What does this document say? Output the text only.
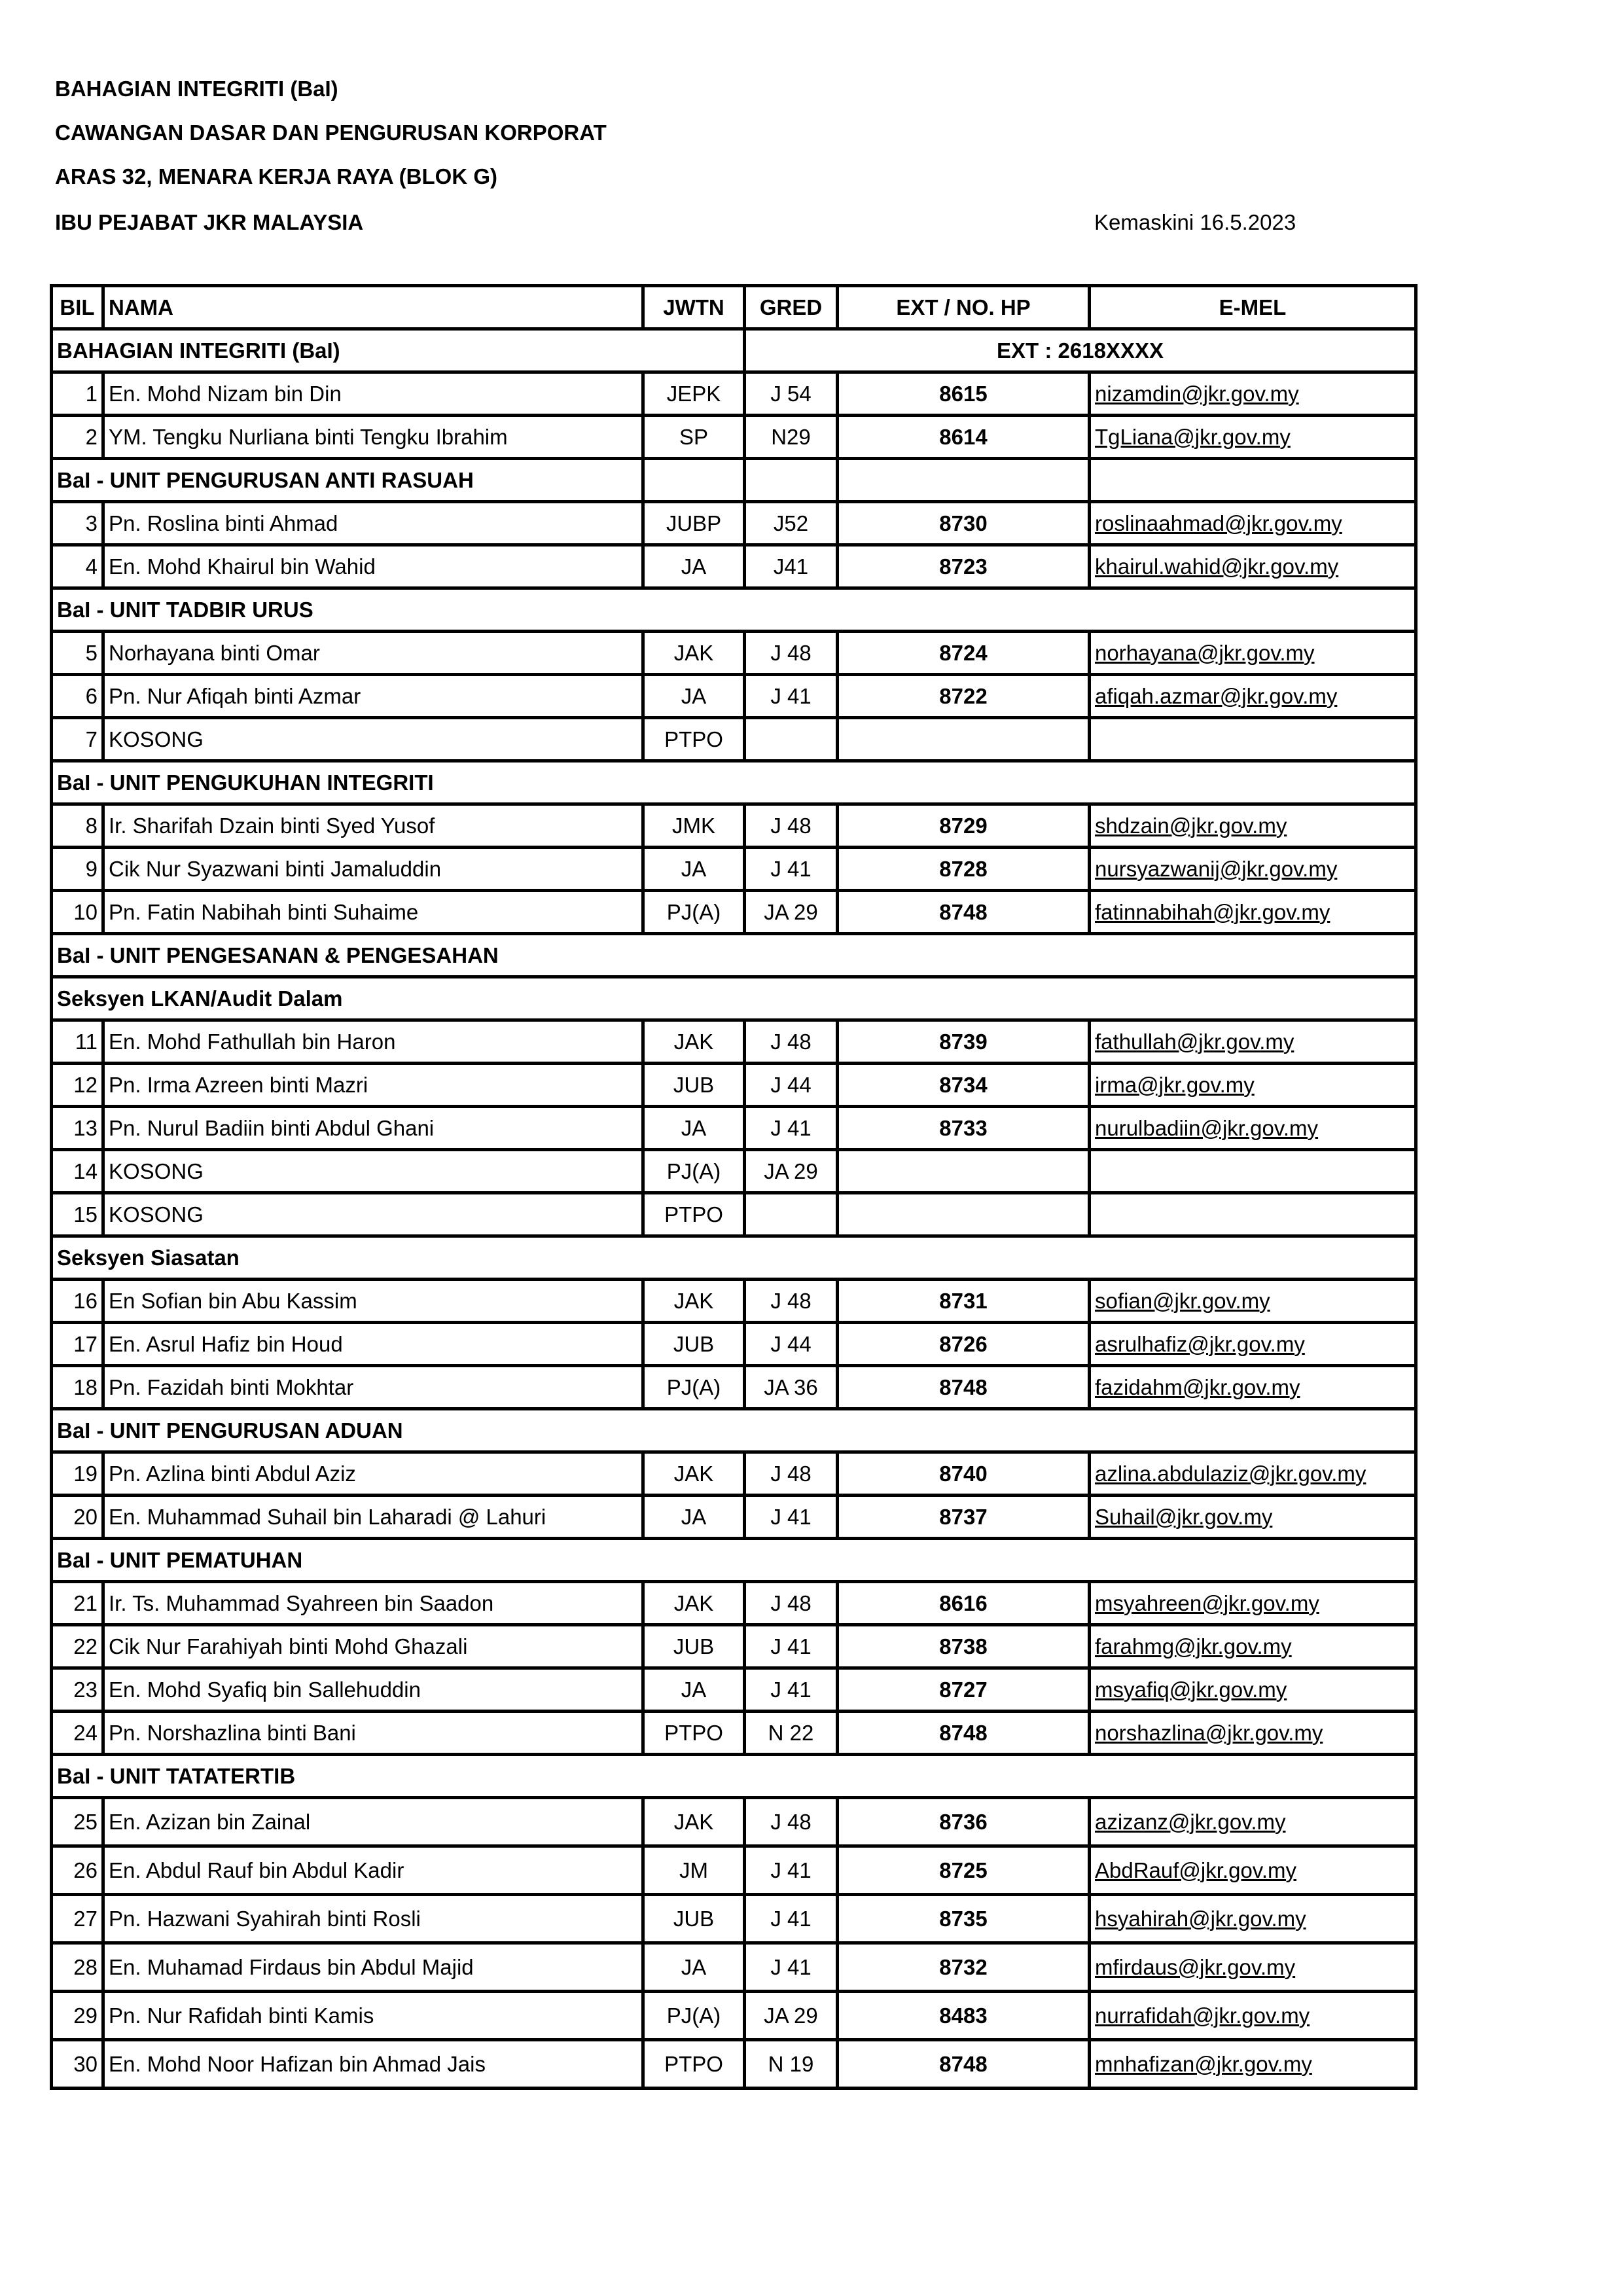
BAHAGIAN INTEGRITI (BaI)
CAWANGAN DASAR DAN PENGURUSAN KORPORAT
ARAS 32, MENARA KERJA RAYA (BLOK G)
IBU PEJABAT JKR MALAYSIA	Kemaskini 16.5.2023
BIL	NAMA	JWTN	GRED	EXT / NO. HP	E-MEL
BAHAGIAN INTEGRITI (BaI)			EXT : 2618XXXX		
1	En. Mohd Nizam bin Din	JEPK	J 54	8615	nizamdin@jkr.gov.my
2	YM. Tengku Nurliana binti Tengku Ibrahim	SP	N29	8614	TgLiana@jkr.gov.my
BaI - UNIT PENGURUSAN ANTI RASUAH					
3	Pn. Roslina binti Ahmad	JUBP	J52	8730	roslinaahmad@jkr.gov.my
4	En. Mohd Khairul bin Wahid	JA	J41	8723	khairul.wahid@jkr.gov.my
BaI - UNIT TADBIR URUS					
5	Norhayana binti Omar	JAK	J 48	8724	norhayana@jkr.gov.my
6	Pn. Nur Afiqah binti Azmar	JA	J 41	8722	afiqah.azmar@jkr.gov.my
7	KOSONG	PTPO			
BaI - UNIT PENGUKUHAN INTEGRITI					
8	Ir. Sharifah Dzain binti Syed Yusof	JMK	J 48	8729	shdzain@jkr.gov.my
9	Cik Nur Syazwani binti Jamaluddin	JA	J 41	8728	nursyazwanij@jkr.gov.my
10	Pn. Fatin Nabihah binti Suhaime	PJ(A)	JA 29	8748	fatinnabihah@jkr.gov.my
BaI - UNIT PENGESANAN & PENGESAHAN					
Seksyen LKAN/Audit Dalam					
11	En. Mohd Fathullah bin Haron	JAK	J 48	8739	fathullah@jkr.gov.my
12	Pn. Irma Azreen binti Mazri	JUB	J 44	8734	irma@jkr.gov.my
13	Pn. Nurul Badiin binti Abdul Ghani	JA	J 41	8733	nurulbadiin@jkr.gov.my
14	KOSONG	PJ(A)	JA 29		
15	KOSONG	PTPO			
Seksyen Siasatan					
16	En Sofian bin Abu Kassim	JAK	J 48	8731	sofian@jkr.gov.my
17	En. Asrul Hafiz bin Houd	JUB	J 44	8726	asrulhafiz@jkr.gov.my
18	Pn. Fazidah binti Mokhtar	PJ(A)	JA 36	8748	fazidahm@jkr.gov.my
BaI - UNIT PENGURUSAN ADUAN					
19	Pn. Azlina binti Abdul Aziz	JAK	J 48	8740	azlina.abdulaziz@jkr.gov.my
20	En. Muhammad Suhail bin Laharadi @ Lahuri	JA	J 41	8737	Suhail@jkr.gov.my
BaI - UNIT PEMATUHAN					
21	Ir. Ts. Muhammad Syahreen bin Saadon	JAK	J 48	8616	msyahreen@jkr.gov.my
22	Cik Nur Farahiyah binti Mohd Ghazali	JUB	J 41	8738	farahmg@jkr.gov.my
23	En. Mohd Syafiq bin Sallehuddin	JA	J 41	8727	msyafiq@jkr.gov.my
24	Pn. Norshazlina binti Bani	PTPO	N 22	8748	norshazlina@jkr.gov.my
BaI - UNIT TATATERTIB					
25	En. Azizan bin Zainal	JAK	J 48	8736	azizanz@jkr.gov.my
26	En. Abdul Rauf bin Abdul Kadir	JM	J 41	8725	AbdRauf@jkr.gov.my
27	Pn. Hazwani Syahirah binti Rosli	JUB	J 41	8735	hsyahirah@jkr.gov.my
28	En. Muhamad Firdaus bin Abdul Majid	JA	J 41	8732	mfirdaus@jkr.gov.my
29	Pn. Nur Rafidah binti Kamis	PJ(A)	JA 29	8483	nurrafidah@jkr.gov.my
30	En. Mohd Noor Hafizan bin Ahmad Jais	PTPO	N 19	8748	mnhafizan@jkr.gov.my
